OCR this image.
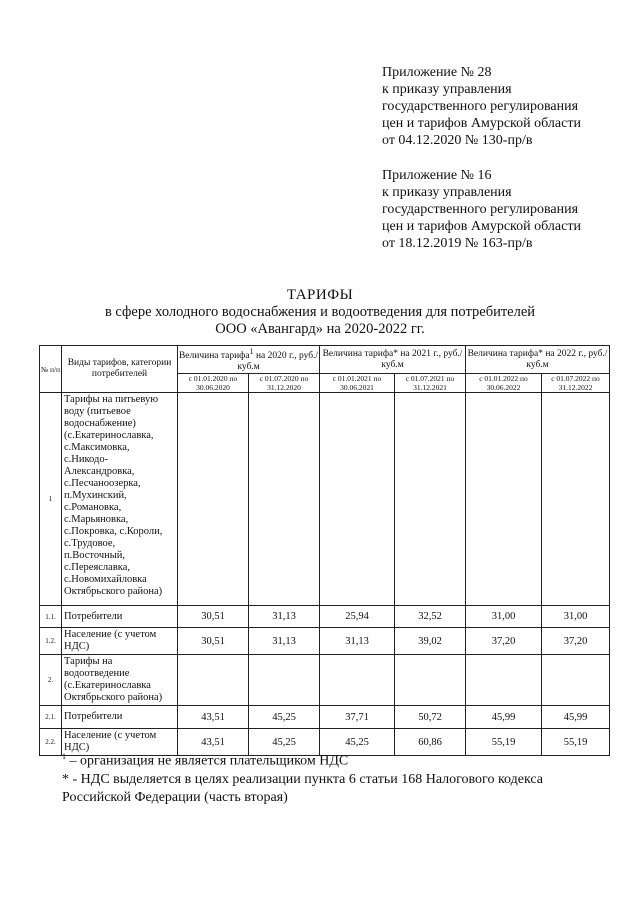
Приложение № 28
к приказу управления
государственного регулирования
цен и тарифов Амурской области
от 04.12.2020 № 130-пр/в
Приложение № 16
к приказу управления
государственного регулирования
цен и тарифов Амурской области
от 18.12.2019 № 163-пр/в
ТАРИФЫ
в сфере холодного водоснабжения и водоотведения для потребителей
ООО «Авангард» на 2020-2022 гг.
№ п/п	Виды тарифов, категории потребителей	Величина тарифа$^1$ на 2020 г., руб./куб.м		Величина тарифа* на 2021 г., руб./куб.м		Величина тарифа* на 2022 г., руб./куб.м	
		с 01.01.2020 по 30.06.2020	с 01.07.2020 по 31.12.2020	с 01.01.2021 по 30.06.2021	с 01.07.2021 по 31.12.2021	с 01.01.2022 по 30.06.2022	с 01.07.2022 по 31.12.2022
1	Тарифы на питьевую воду (питьевое водоснабжение) (с.Екатеринославка, с.Максимовка, с.Никодо-Александровка, с.Песчаноозерка, п.Мухинский, с.Романовка, с.Марьяновка, с.Покровка, с.Короли, с.Трудовое, п.Восточный, с.Переяславка, с.Новомихайловка Октябрьского района)						
1.1.	Потребители	30,51	31,13	25,94	32,52	31,00	31,00
1.2.	Население (с учетом НДС)	30,51	31,13	31,13	39,02	37,20	37,20
2.	Тарифы на водоотведение (с.Екатеринославка Октябрьского района)						
2.1.	Потребители	43,51	45,25	37,71	50,72	45,99	45,99
2.2.	Население (с учетом НДС)	43,51	45,25	45,25	60,86	55,19	55,19
$^1$ – организация не является плательщиком НДС
* - НДС выделяется в целях реализации пункта 6 статьи 168 Налогового кодекса
Российской Федерации (часть вторая)
